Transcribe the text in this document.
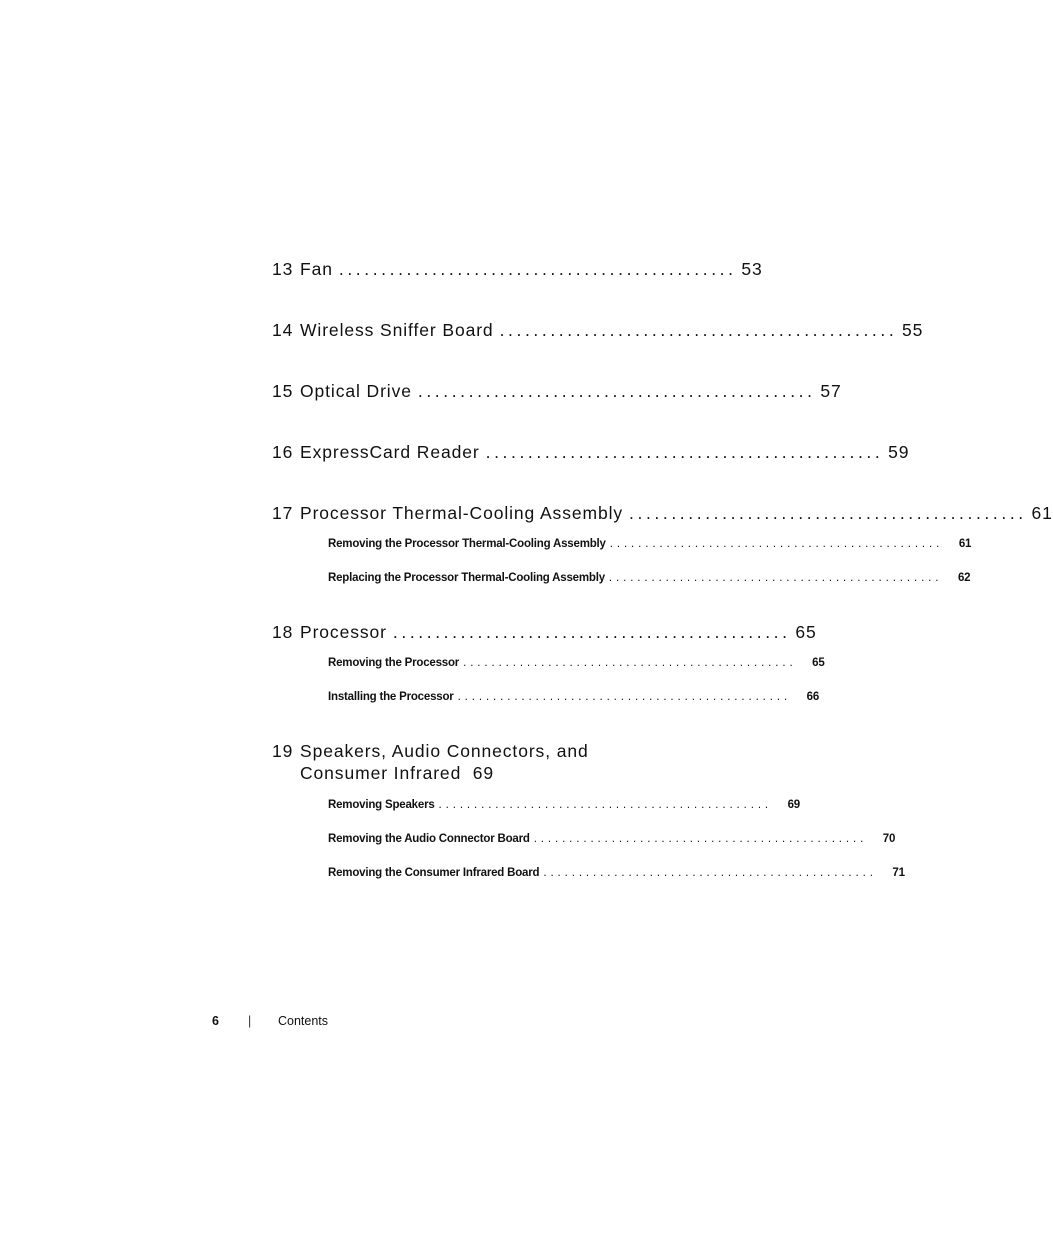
13 Fan ............................................... 53
14 Wireless Sniffer Board ............................................... 55
15 Optical Drive ............................................... 57
16 ExpressCard Reader ............................................... 59
17 Processor Thermal-Cooling Assembly ............................................... 61
Removing the Processor Thermal-Cooling Assembly ...............................................	61
Replacing the Processor Thermal-Cooling Assembly ...............................................	62
18 Processor ............................................... 65
Removing the Processor ...............................................	65
Installing the Processor ...............................................	66
19 Speakers, Audio Connectors, and Consumer Infrared 69
Removing Speakers ...............................................	69
Removing the Audio Connector Board ...............................................	70
Removing the Consumer Infrared Board ...............................................	71
6	|	Contents
